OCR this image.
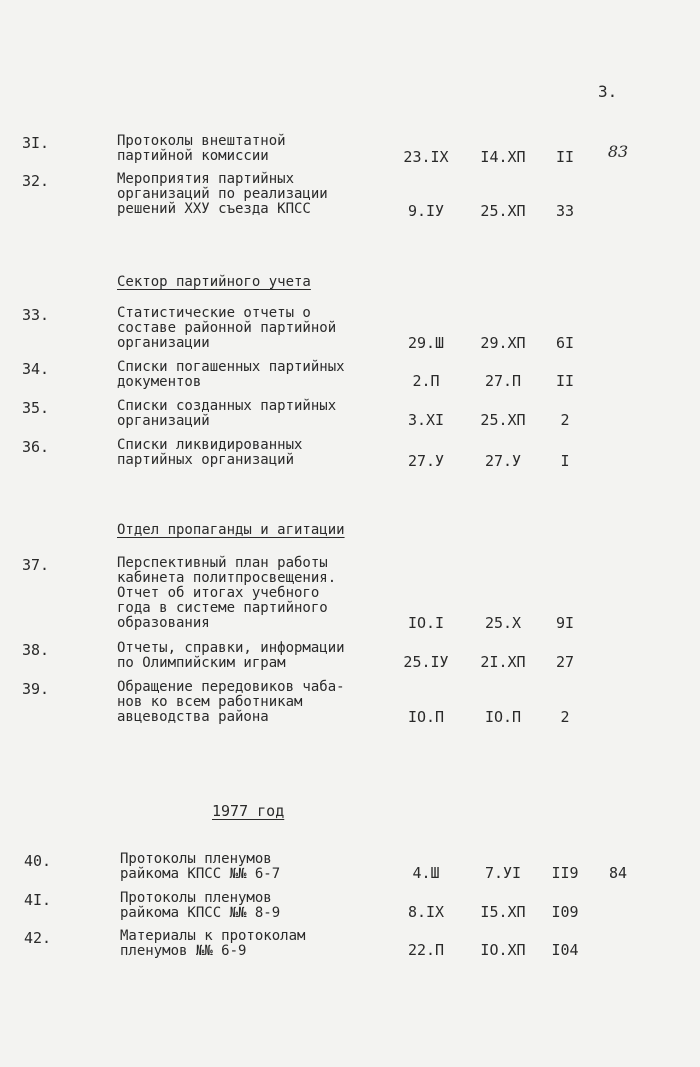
3.
3I.	Протоколы внештатной
партийной комиссии	23.IX	I4.XП	II	83
32.	Мероприятия партийных
организаций по реализации
решений XXУ съезда КПСС	9.IУ	25.XП	33
Сектор партийного учета
33.	Статистические отчеты о
составе районной партийной
организации	29.Ш	29.XП	6I
34.	Списки погашенных партийных
документов	2.П	27.П	II
35.	Списки созданных партийных
организаций	3.XI	25.XП	2
36.	Списки ликвидированных
партийных организаций	27.У	27.У	I
Отдел пропаганды и агитации
37.	Перспективный план работы
кабинета политпросвещения.
Отчет об итогах учебного
года в системе партийного
образования	IO.I	25.X	9I
38.	Отчеты, справки, информации
по Олимпийским играм	25.IУ	2I.XП	27
39.	Обращение передовиков чаба-
нов ко всем работникам
авцеводства района	IO.П	IO.П	2
1977 год
40.	Протоколы пленумов
райкома КПСС №№ 6-7	4.Ш	7.УI	II9	84
4I.	Протоколы пленумов
райкома КПСС №№ 8-9	8.IX	I5.XП	I09
42.	Материалы к протоколам
пленумов №№ 6-9	22.П	IO.XП	I04
